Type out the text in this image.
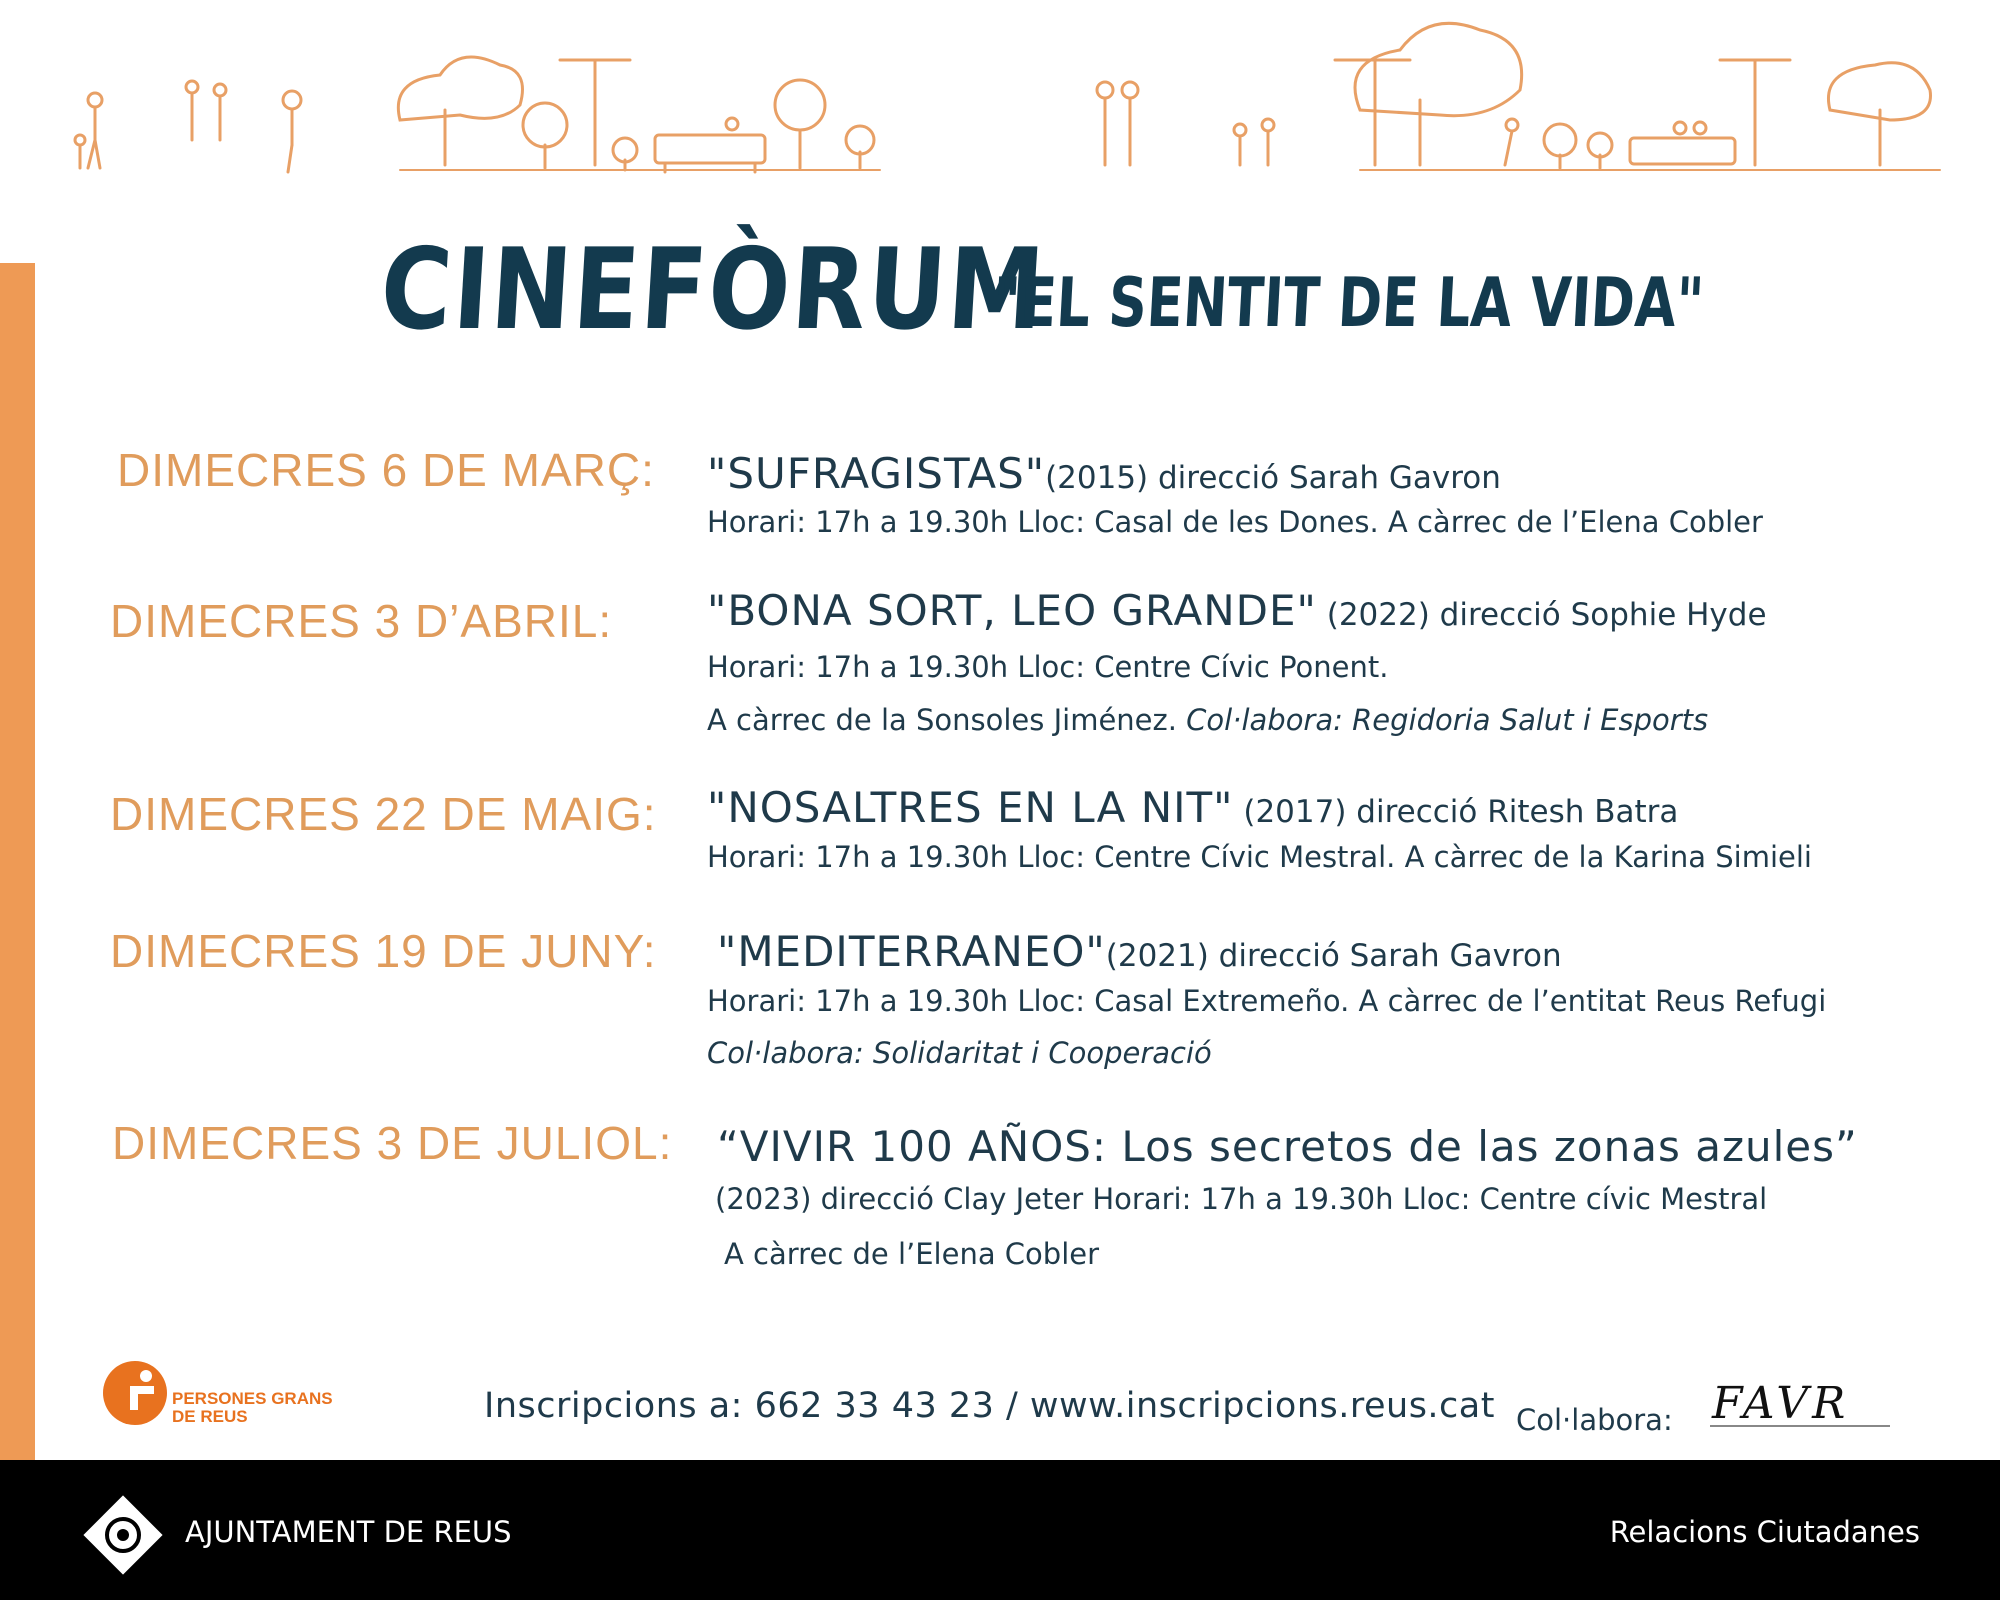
CINEFÒRUM
"EL SENTIT DE LA VIDA"
DIMECRES 6 DE MARÇ: "SUFRAGISTAS"(2015) direcció Sarah Gavron
Horari: 17h a 19.30h Lloc: Casal de les Dones. A càrrec de l’Elena Cobler
DIMECRES 3 D’ABRIL: "BONA SORT, LEO GRANDE" (2022) direcció Sophie Hyde
Horari: 17h a 19.30h Lloc: Centre Cívic Ponent.
A càrrec de la Sonsoles Jiménez. Col·labora: Regidoria Salut i Esports
DIMECRES 22 DE MAIG: "NOSALTRES EN LA NIT" (2017) direcció Ritesh Batra
Horari: 17h a 19.30h Lloc: Centre Cívic Mestral. A càrrec de la Karina Simieli
DIMECRES 19 DE JUNY: "MEDITERRANEO"(2021) direcció Sarah Gavron
Horari: 17h a 19.30h Lloc: Casal Extremeño. A càrrec de l’entitat Reus Refugi
Col·labora: Solidaritat i Cooperació
DIMECRES 3 DE JULIOL: “VIVIR 100 AÑOS: Los secretos de las zonas azules”
(2023) direcció Clay Jeter Horari: 17h a 19.30h Lloc: Centre cívic Mestral
A càrrec de l’Elena Cobler
PERSONES GRANS
DE REUS	Inscripcions a: 662 33 43 23 / www.inscripcions.reus.cat Col·labora: FAVR
AJUNTAMENT DE REUS	Relacions Ciutadanes
